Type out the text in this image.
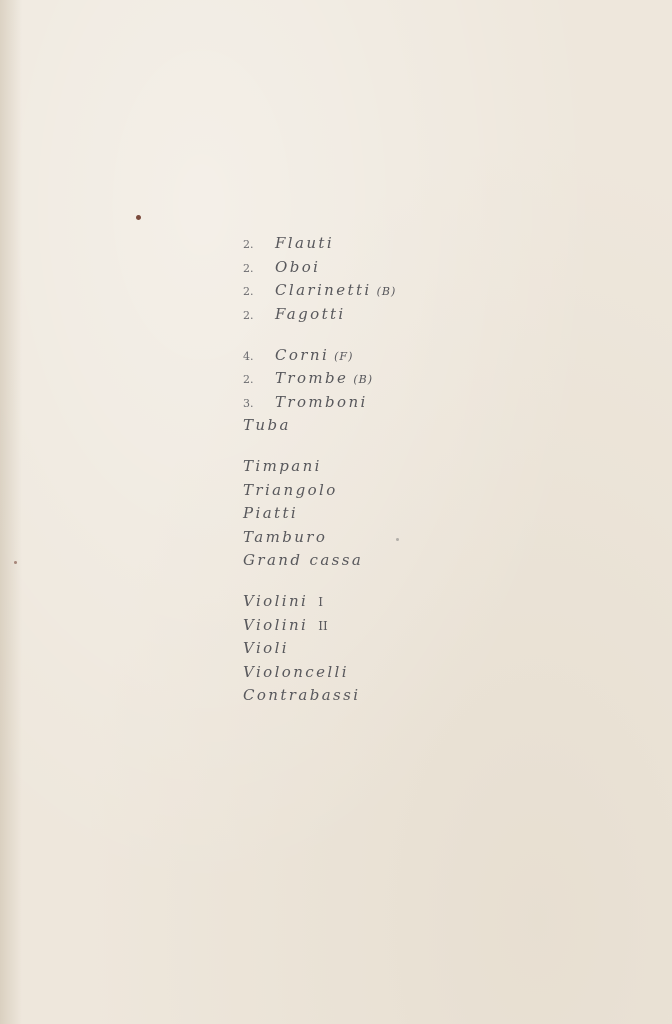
2. Flauti
2. Oboi
2. Clarinetti (B)
2. Fagotti
4. Corni (F)
2. Trombe (B)
3. Tromboni
Tuba
Timpani
Triangolo
Piatti
Tamburo
Grand cassa
Violini I
Violini II
Violi
Violoncelli
Contrabassi
